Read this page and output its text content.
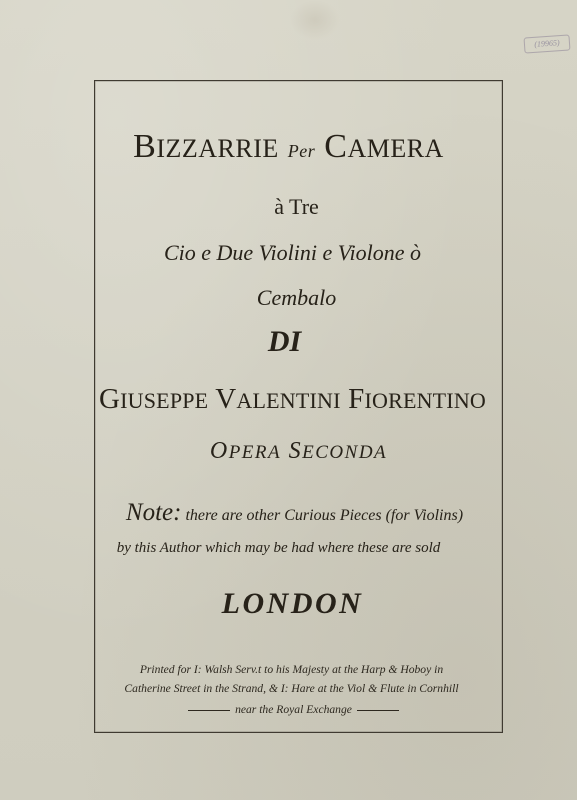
(19965)
BIZZARRIE Per CAMERA
à Tre
Cio e Due Violini e Violone ò
Cembalo
DI
GIUSEPPE VALENTINI FIORENTINO
OPERA SECONDA
Note: there are other Curious Pieces (for Violins)
by this Author which may be had where these are sold
LONDON
Printed for I: Walsh Serv.t to his Majesty at the Harp & Hoboy in
Catherine Street in the Strand, & I: Hare at the Viol & Flute in Cornhill
near the Royal Exchange
